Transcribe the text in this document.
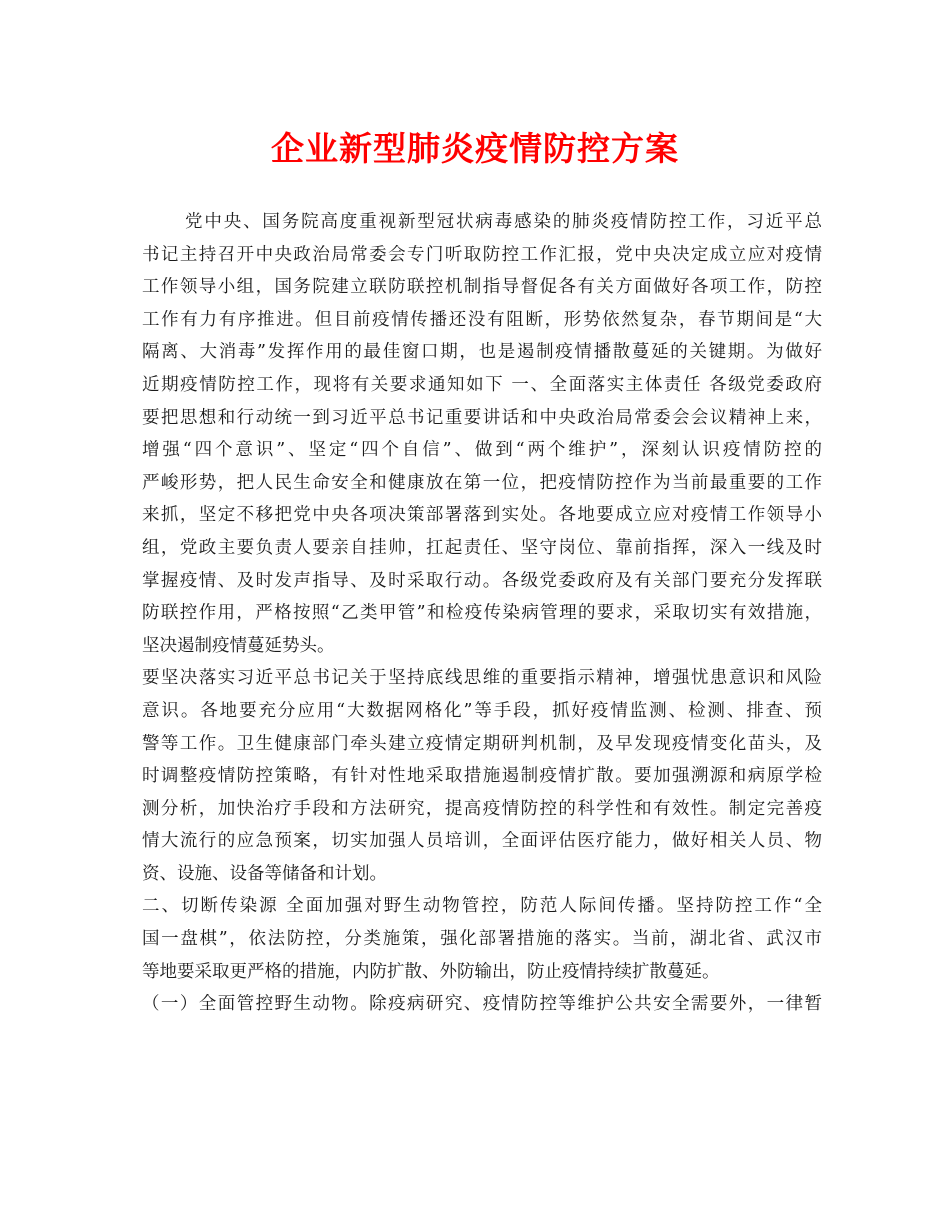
企业新型肺炎疫情防控方案
党中央、国务院高度重视新型冠状病毒感染的肺炎疫情防控工作，习近平总
书记主持召开中央政治局常委会专门听取防控工作汇报，党中央决定成立应对疫情
工作领导小组，国务院建立联防联控机制指导督促各有关方面做好各项工作，防控
工作有力有序推进。但目前疫情传播还没有阻断，形势依然复杂，春节期间是“大
隔离、大消毒”发挥作用的最佳窗口期，也是遏制疫情播散蔓延的关键期。为做好
近期疫情防控工作，现将有关要求通知如下 一、全面落实主体责任 各级党委政府
要把思想和行动统一到习近平总书记重要讲话和中央政治局常委会会议精神上来，
增强“四个意识”、坚定“四个自信”、做到“两个维护”，深刻认识疫情防控的
严峻形势，把人民生命安全和健康放在第一位，把疫情防控作为当前最重要的工作
来抓，坚定不移把党中央各项决策部署落到实处。各地要成立应对疫情工作领导小
组，党政主要负责人要亲自挂帅，扛起责任、坚守岗位、靠前指挥，深入一线及时
掌握疫情、及时发声指导、及时采取行动。各级党委政府及有关部门要充分发挥联
防联控作用，严格按照“乙类甲管”和检疫传染病管理的要求，采取切实有效措施，
坚决遏制疫情蔓延势头。
要坚决落实习近平总书记关于坚持底线思维的重要指示精神，增强忧患意识和风险
意识。各地要充分应用“大数据网格化”等手段，抓好疫情监测、检测、排查、预
警等工作。卫生健康部门牵头建立疫情定期研判机制，及早发现疫情变化苗头，及
时调整疫情防控策略，有针对性地采取措施遏制疫情扩散。要加强溯源和病原学检
测分析，加快治疗手段和方法研究，提高疫情防控的科学性和有效性。制定完善疫
情大流行的应急预案，切实加强人员培训，全面评估医疗能力，做好相关人员、物
资、设施、设备等储备和计划。
二、切断传染源 全面加强对野生动物管控，防范人际间传播。坚持防控工作“全
国一盘棋”，依法防控，分类施策，强化部署措施的落实。当前，湖北省、武汉市
等地要采取更严格的措施，内防扩散、外防输出，防止疫情持续扩散蔓延。
（一）全面管控野生动物。除疫病研究、疫情防控等维护公共安全需要外，一律暂
